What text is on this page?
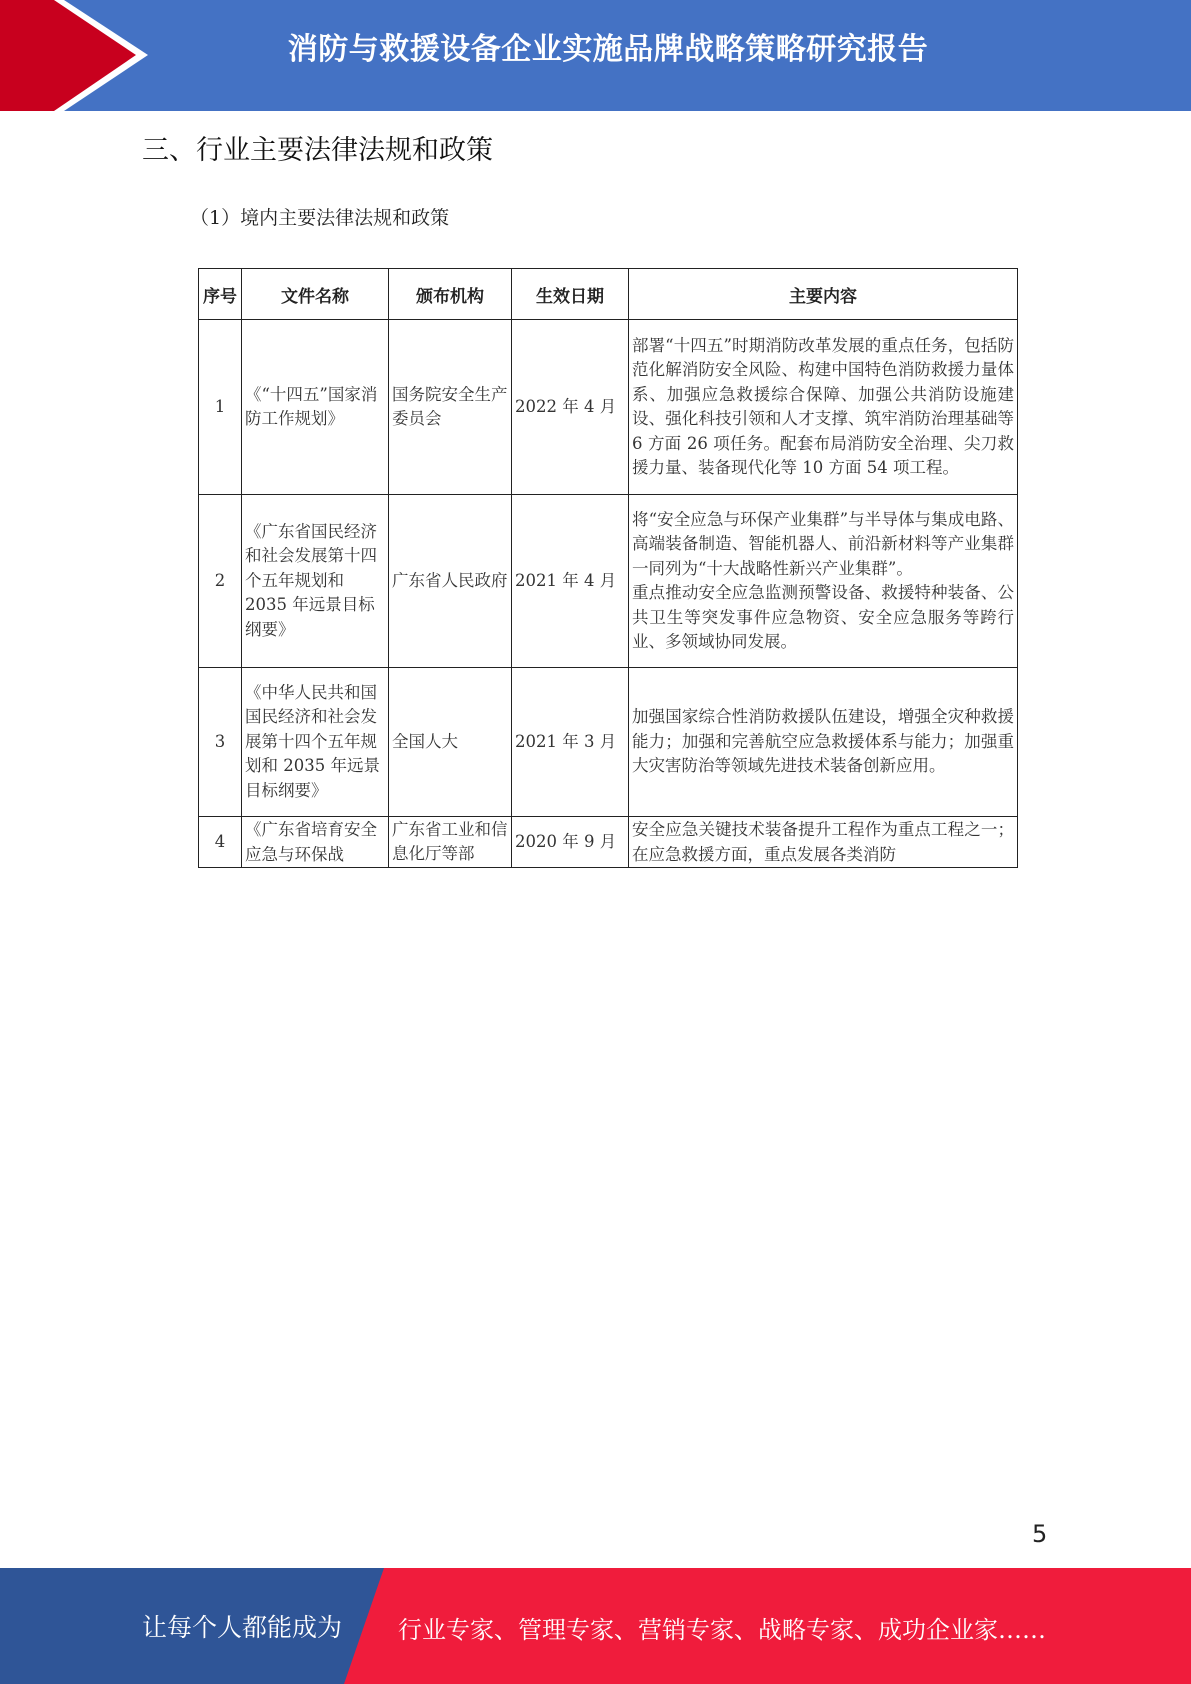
消防与救援设备企业实施品牌战略策略研究报告
三、行业主要法律法规和政策
（1）境内主要法律法规和政策
序号	文件名称	颁布机构	生效日期	主要内容
1	《“十四五”国家消防工作规划》	国务院安全生产委员会	2022 年 4 月	部署“十四五”时期消防改革发展的重点任务，包括防范化解消防安全风险、构建中国特色消防救援力量体系、加强应急救援综合保障、加强公共消防设施建设、强化科技引领和人才支撑、筑牢消防治理基础等 6 方面 26 项任务。配套布局消防安全治理、尖刀救援力量、装备现代化等 10 方面 54 项工程。
2	《广东省国民经济和社会发展第十四个五年规划和 2035 年远景目标纲要》	广东省人民政府	2021 年 4 月	将“安全应急与环保产业集群”与半导体与集成电路、高端装备制造、智能机器人、前沿新材料等产业集群一同列为“十大战略性新兴产业集群”。
重点推动安全应急监测预警设备、救援特种装备、公共卫生等突发事件应急物资、安全应急服务等跨行业、多领域协同发展。
3	《中华人民共和国国民经济和社会发展第十四个五年规划和 2035 年远景目标纲要》	全国人大	2021 年 3 月	加强国家综合性消防救援队伍建设，增强全灾种救援能力；加强和完善航空应急救援体系与能力；加强重大灾害防治等领域先进技术装备创新应用。
4	《广东省培育安全应急与环保战	广东省工业和信息化厅等部	2020 年 9 月	安全应急关键技术装备提升工程作为重点工程之一；在应急救援方面，重点发展各类消防
5
让每个人都能成为 行业专家、管理专家、营销专家、战略专家、成功企业家……
